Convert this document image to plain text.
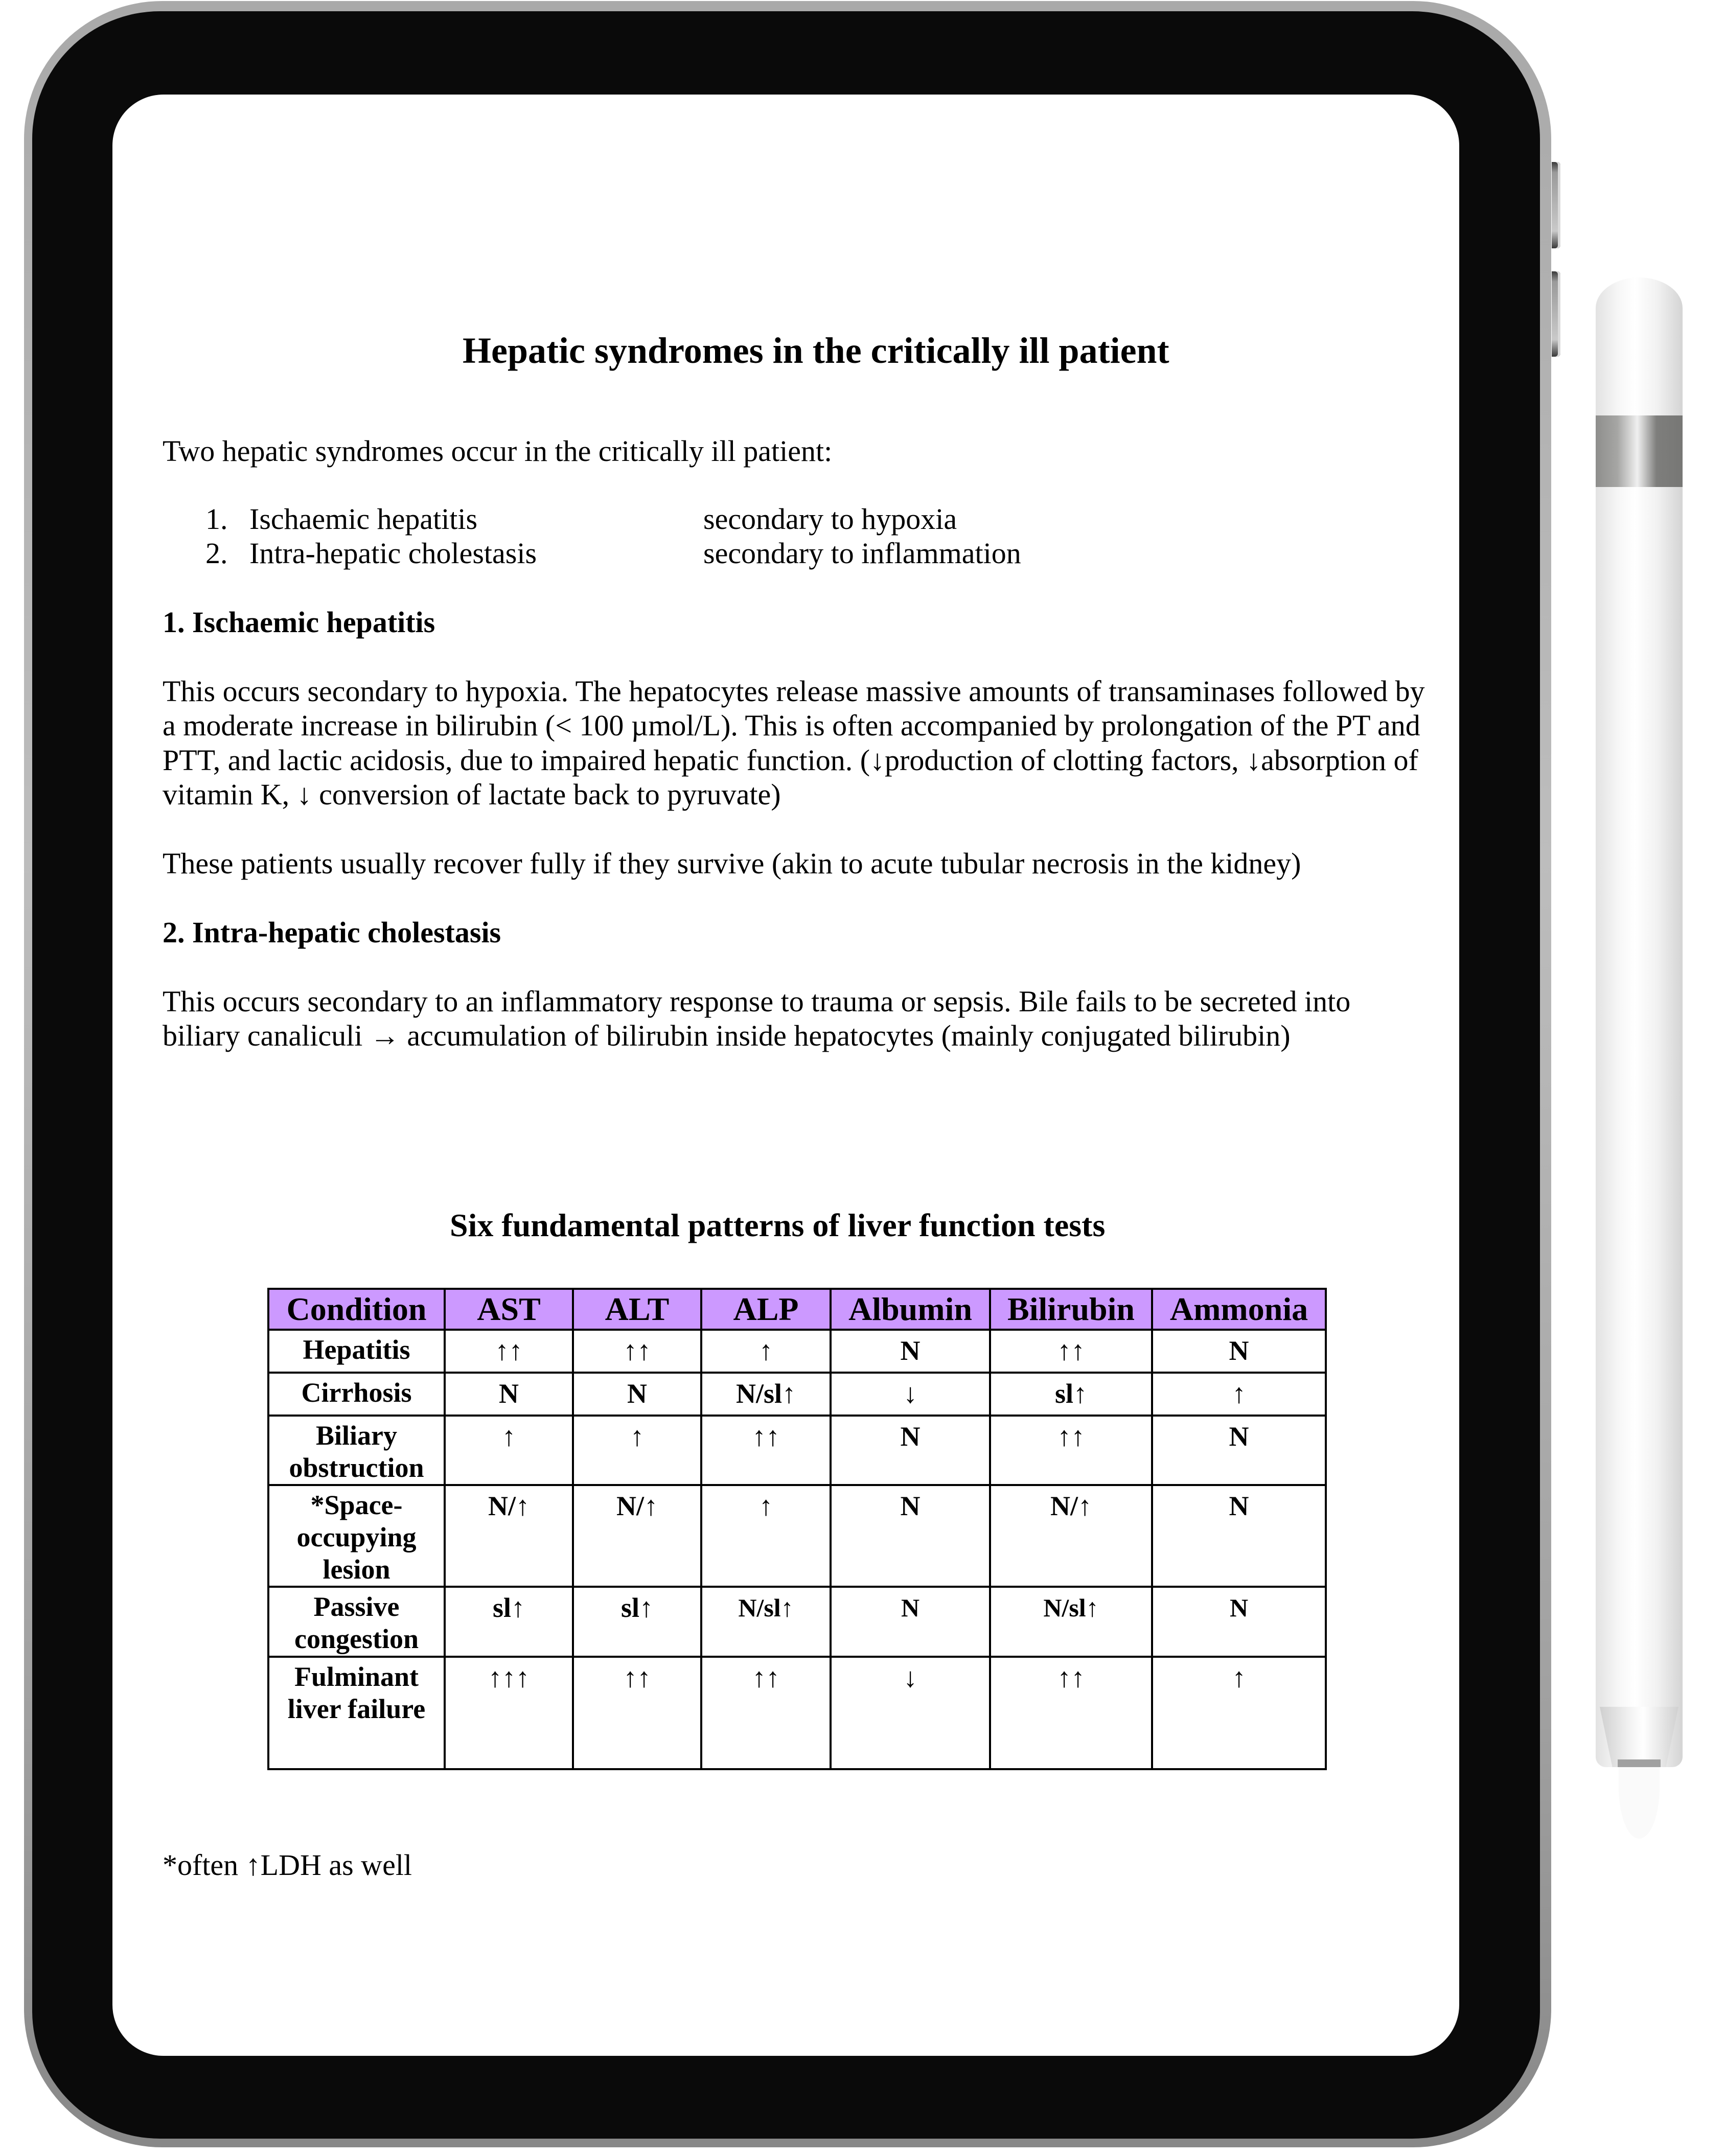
Hepatic syndromes in the critically ill patient
Two hepatic syndromes occur in the critically ill patient:
1. Ischaemic hepatitis	secondary to hypoxia
2. Intra-hepatic cholestasis	secondary to inflammation
1. Ischaemic hepatitis
This occurs secondary to hypoxia. The hepatocytes release massive amounts of transaminases followed by
a moderate increase in bilirubin (< 100 µmol/L). This is often accompanied by prolongation of the PT and
PTT, and lactic acidosis, due to impaired hepatic function. (↓production of clotting factors, ↓absorption of
vitamin K, ↓ conversion of lactate back to pyruvate)
These patients usually recover fully if they survive (akin to acute tubular necrosis in the kidney)
2. Intra-hepatic cholestasis
This occurs secondary to an inflammatory response to trauma or sepsis. Bile fails to be secreted into
biliary canaliculi → accumulation of bilirubin inside hepatocytes (mainly conjugated bilirubin)
Six fundamental patterns of liver function tests
Condition	AST	ALT	ALP	Albumin	Bilirubin	Ammonia
Hepatitis	↑↑	↑↑	↑	N	↑↑	N
Cirrhosis	N	N	N/sl↑	↓	sl↑	↑
Biliary obstruction	↑	↑	↑↑	N	↑↑	N
*Space-occupying lesion	N/↑	N/↑	↑	N	N/↑	N
Passive congestion	sl↑	sl↑	N/sl↑	N	N/sl↑	N
Fulminant liver failure	↑↑↑	↑↑	↑↑	↓	↑↑	↑
*often ↑LDH as well
